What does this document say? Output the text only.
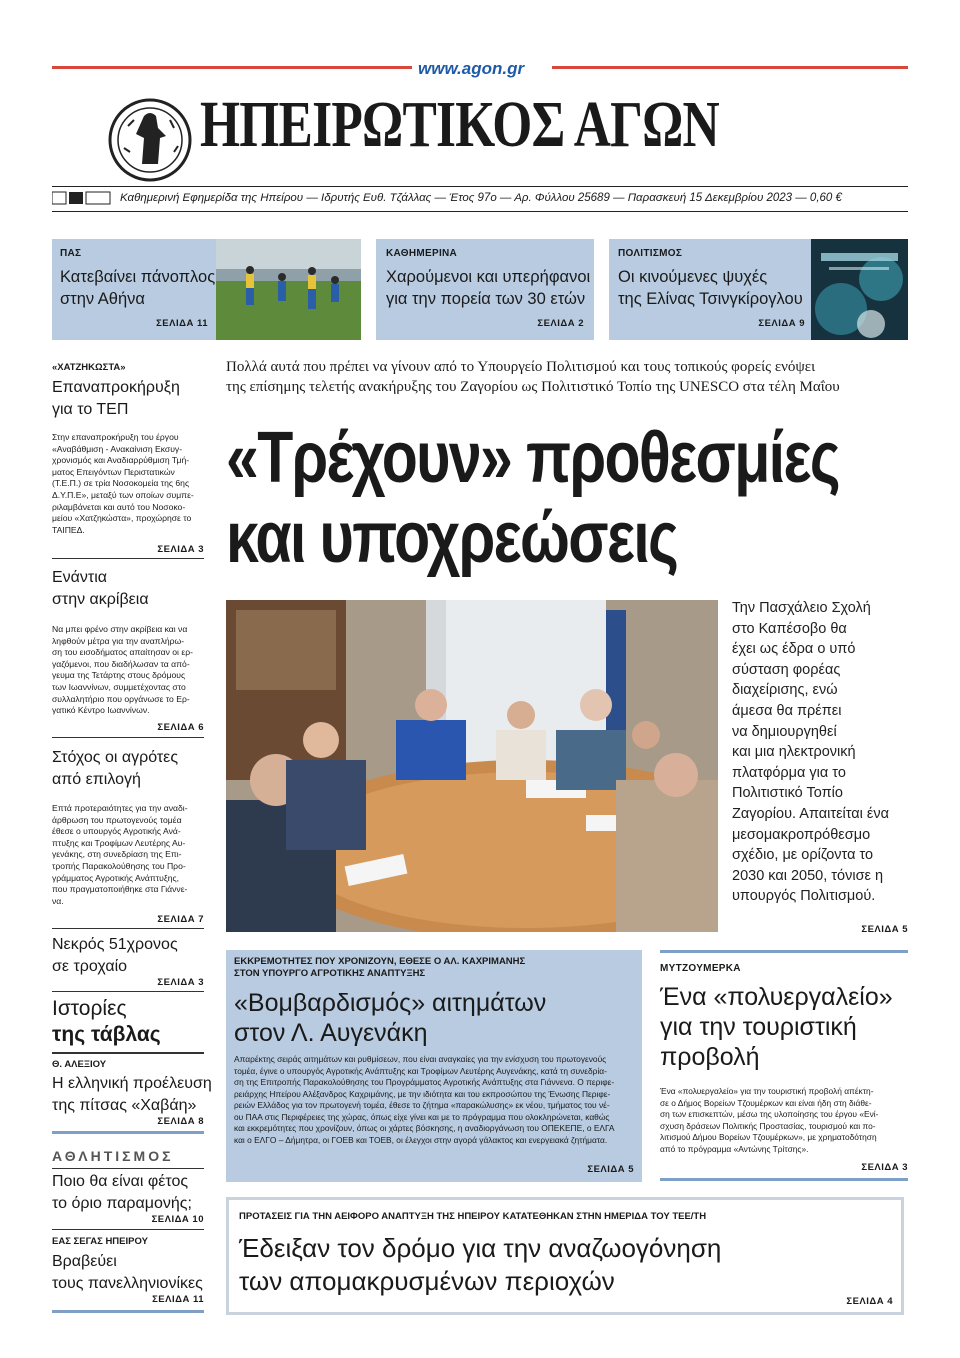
www.agon.gr
ΗΠΕΙΡΩΤΙΚΟΣ ΑΓΩΝ
Καθημερινή Εφημερίδα της Ηπείρου — Ιδρυτής Ευθ. Τζάλλας — Έτος 97ο — Αρ. Φύλλου 25689 — Παρασκευή 15 Δεκεμβρίου 2023 — 0,60 €
ΠΑΣ
Κατεβαίνει πάνοπλος
στην Αθήνα
ΣΕΛΙΔΑ 11
ΚΑΘΗΜΕΡΙΝΑ
Χαρούμενοι και υπερήφανοι
για την πορεία των 30 ετών
ΣΕΛΙΔΑ 2
ΠΟΛΙΤΙΣΜΟΣ
Οι κινούμενες ψυχές
της Ελίνας Τσινγκίρογλου
ΣΕΛΙΔΑ 9
«ΧΑΤΖΗΚΩΣΤΑ»
Επαναπροκήρυξη
για το ΤΕΠ
Στην επαναπροκήρυξη του έργου
«Αναβάθμιση - Ανακαίνιση Εκσυγ-
χρονισμός και Αναδιαρρύθμιση Τμή-
ματος Επειγόντων Περιστατικών
(Τ.Ε.Π.) σε τρία Νοσοκομεία της 6ης
Δ.Υ.Π.Ε», μεταξύ των οποίων συμπε-
ριλαμβάνεται και αυτό του Νοσοκο-
μείου «Χατζηκώστα», προχώρησε το
ΤΑΙΠΕΔ.
ΣΕΛΙΔΑ 3
Ενάντια
στην ακρίβεια
Να μπει φρένο στην ακρίβεια και να
ληφθούν μέτρα για την αναπλήρω-
ση του εισοδήματος απαίτησαν οι ερ-
γαζόμενοι, που διαδήλωσαν τα από-
γευμα της Τετάρτης στους δρόμους
των Ιωαννίνων, συμμετέχοντας στο
συλλαλητήριο που οργάνωσε το Ερ-
γατικό Κέντρο Ιωαννίνων.
ΣΕΛΙΔΑ 6
Στόχος οι αγρότες
από επιλογή
Επτά προτεραιότητες για την αναδι-
άρθρωση του πρωτογενούς τομέα
έθεσε ο υπουργός Αγροτικής Ανά-
πτυξης και Τροφίμων Λευτέρης Αυ-
γενάκης, στη συνεδρίαση της Επι-
τροπής Παρακολούθησης του Προ-
γράμματος Αγροτικής Ανάπτυξης,
που πραγματοποιήθηκε στα Γιάννε-
να.
ΣΕΛΙΔΑ 7
Νεκρός 51χρονος
σε τροχαίο
ΣΕΛΙΔΑ 3
Ιστορίες
της τάβλας
Θ. ΑΛΕΞΙΟΥ
Η ελληνική προέλευση
της πίτσας «Χαβάη»
ΣΕΛΙΔΑ 8
ΑΘΛΗΤΙΣΜΟΣ
Ποιο θα είναι φέτος
το όριο παραμονής;
ΣΕΛΙΔΑ 10
ΕΑΣ ΣΕΓΑΣ ΗΠΕΙΡΟΥ
Βραβεύει
τους πανελληνιονίκες
ΣΕΛΙΔΑ 11
Πολλά αυτά που πρέπει να γίνουν από το Υπουργείο Πολιτισμού και τους τοπικούς φορείς ενόψει
της επίσημης τελετής ανακήρυξης του Ζαγορίου ως Πολιτιστικό Τοπίο της UNESCO στα τέλη Μαΐου
«Τρέχουν» προθεσμίες
και υποχρεώσεις
Την Πασχάλειο Σχολή
στο Καπέσοβο θα
έχει ως έδρα ο υπό
σύσταση φορέας
διαχείρισης, ενώ
άμεσα θα πρέπει
να δημιουργηθεί
και μια ηλεκτρονική
πλατφόρμα για το
Πολιτιστικό Τοπίο
Ζαγορίου. Απαιτείται ένα
μεσομακροπρόθεσμο
σχέδιο, με ορίζοντα το
2030 και 2050, τόνισε η
υπουργός Πολιτισμού.
ΣΕΛΙΔΑ 5
ΕΚΚΡΕΜΟΤΗΤΕΣ ΠΟΥ ΧΡΟΝΙΖΟΥΝ, ΕΘΕΣΕ Ο ΑΛ. ΚΑΧΡΙΜΑΝΗΣ
ΣΤΟΝ ΥΠΟΥΡΓΟ ΑΓΡΟΤΙΚΗΣ ΑΝΑΠΤΥΞΗΣ
«Βομβαρδισμός» αιτημάτων
στον Λ. Αυγενάκη
Απαρέκτης σειράς αιτημάτων και ρυθμίσεων, που είναι αναγκαίες για την ενίσχυση του πρωτογενούς
τομέα, έγινε ο υπουργός Αγροτικής Ανάπτυξης και Τροφίμων Λευτέρης Αυγενάκης, κατά τη συνεδρία-
ση της Επιτροπής Παρακολούθησης του Προγράμματος Αγροτικής Ανάπτυξης στα Γιάννενα. Ο περιφε-
ρειάρχης Ηπείρου Αλέξανδρος Καχριμάνης, με την ιδιότητα και του εκπροσώπου της Ένωσης Περιφε-
ρειών Ελλάδος για τον πρωτογενή τομέα, έθεσε το ζήτημα «παρακώλυσης» εκ νέου, τμήματος του νέ-
ου ΠΑΑ στις Περιφέρειες της χώρας, όπως είχε γίνει και με το πρόγραμμα που ολοκληρώνεται, καθώς
και εκκρεμότητες που χρονίζουν, όπως οι χάρτες βόσκησης, η αναδιοργάνωση του ΟΠΕΚΕΠΕ, ο ΕΛΓΑ
και ο ΕΛΓΟ – Δήμητρα, οι ΓΟΕΒ και ΤΟΕΒ, οι έλεγχοι στην αγορά γάλακτος και ενεργειακά ζητήματα.
ΣΕΛΙΔΑ 5
ΜΥΤΖΟΥΜΕΡΚΑ
Ένα «πολυεργαλείο»
για την τουριστική
προβολή
Ένα «πολυεργαλείο» για την τουριστική προβολή απέκτη-
σε ο Δήμος Βορείων Τζουμέρκων και είναι ήδη στη διάθε-
ση των επισκεπτών, μέσω της υλοποίησης του έργου «Ενί-
σχυση δράσεων Πολιτικής Προστασίας, τουρισμού και πο-
λιτισμού Δήμου Βορείων Τζουμέρκων», με χρηματοδότηση
από το πρόγραμμα «Αντώνης Τρίτσης».
ΣΕΛΙΔΑ 3
ΠΡΟΤΑΣΕΙΣ ΓΙΑ ΤΗΝ ΑΕΙΦΟΡΟ ΑΝΑΠΤΥΞΗ ΤΗΣ ΗΠΕΙΡΟΥ ΚΑΤΑΤΕΘΗΚΑΝ ΣΤΗΝ ΗΜΕΡΙΔΑ ΤΟΥ ΤΕΕ/ΤΗ
Έδειξαν τον δρόμο για την αναζωογόνηση
των απομακρυσμένων περιοχών
ΣΕΛΙΔΑ 4
